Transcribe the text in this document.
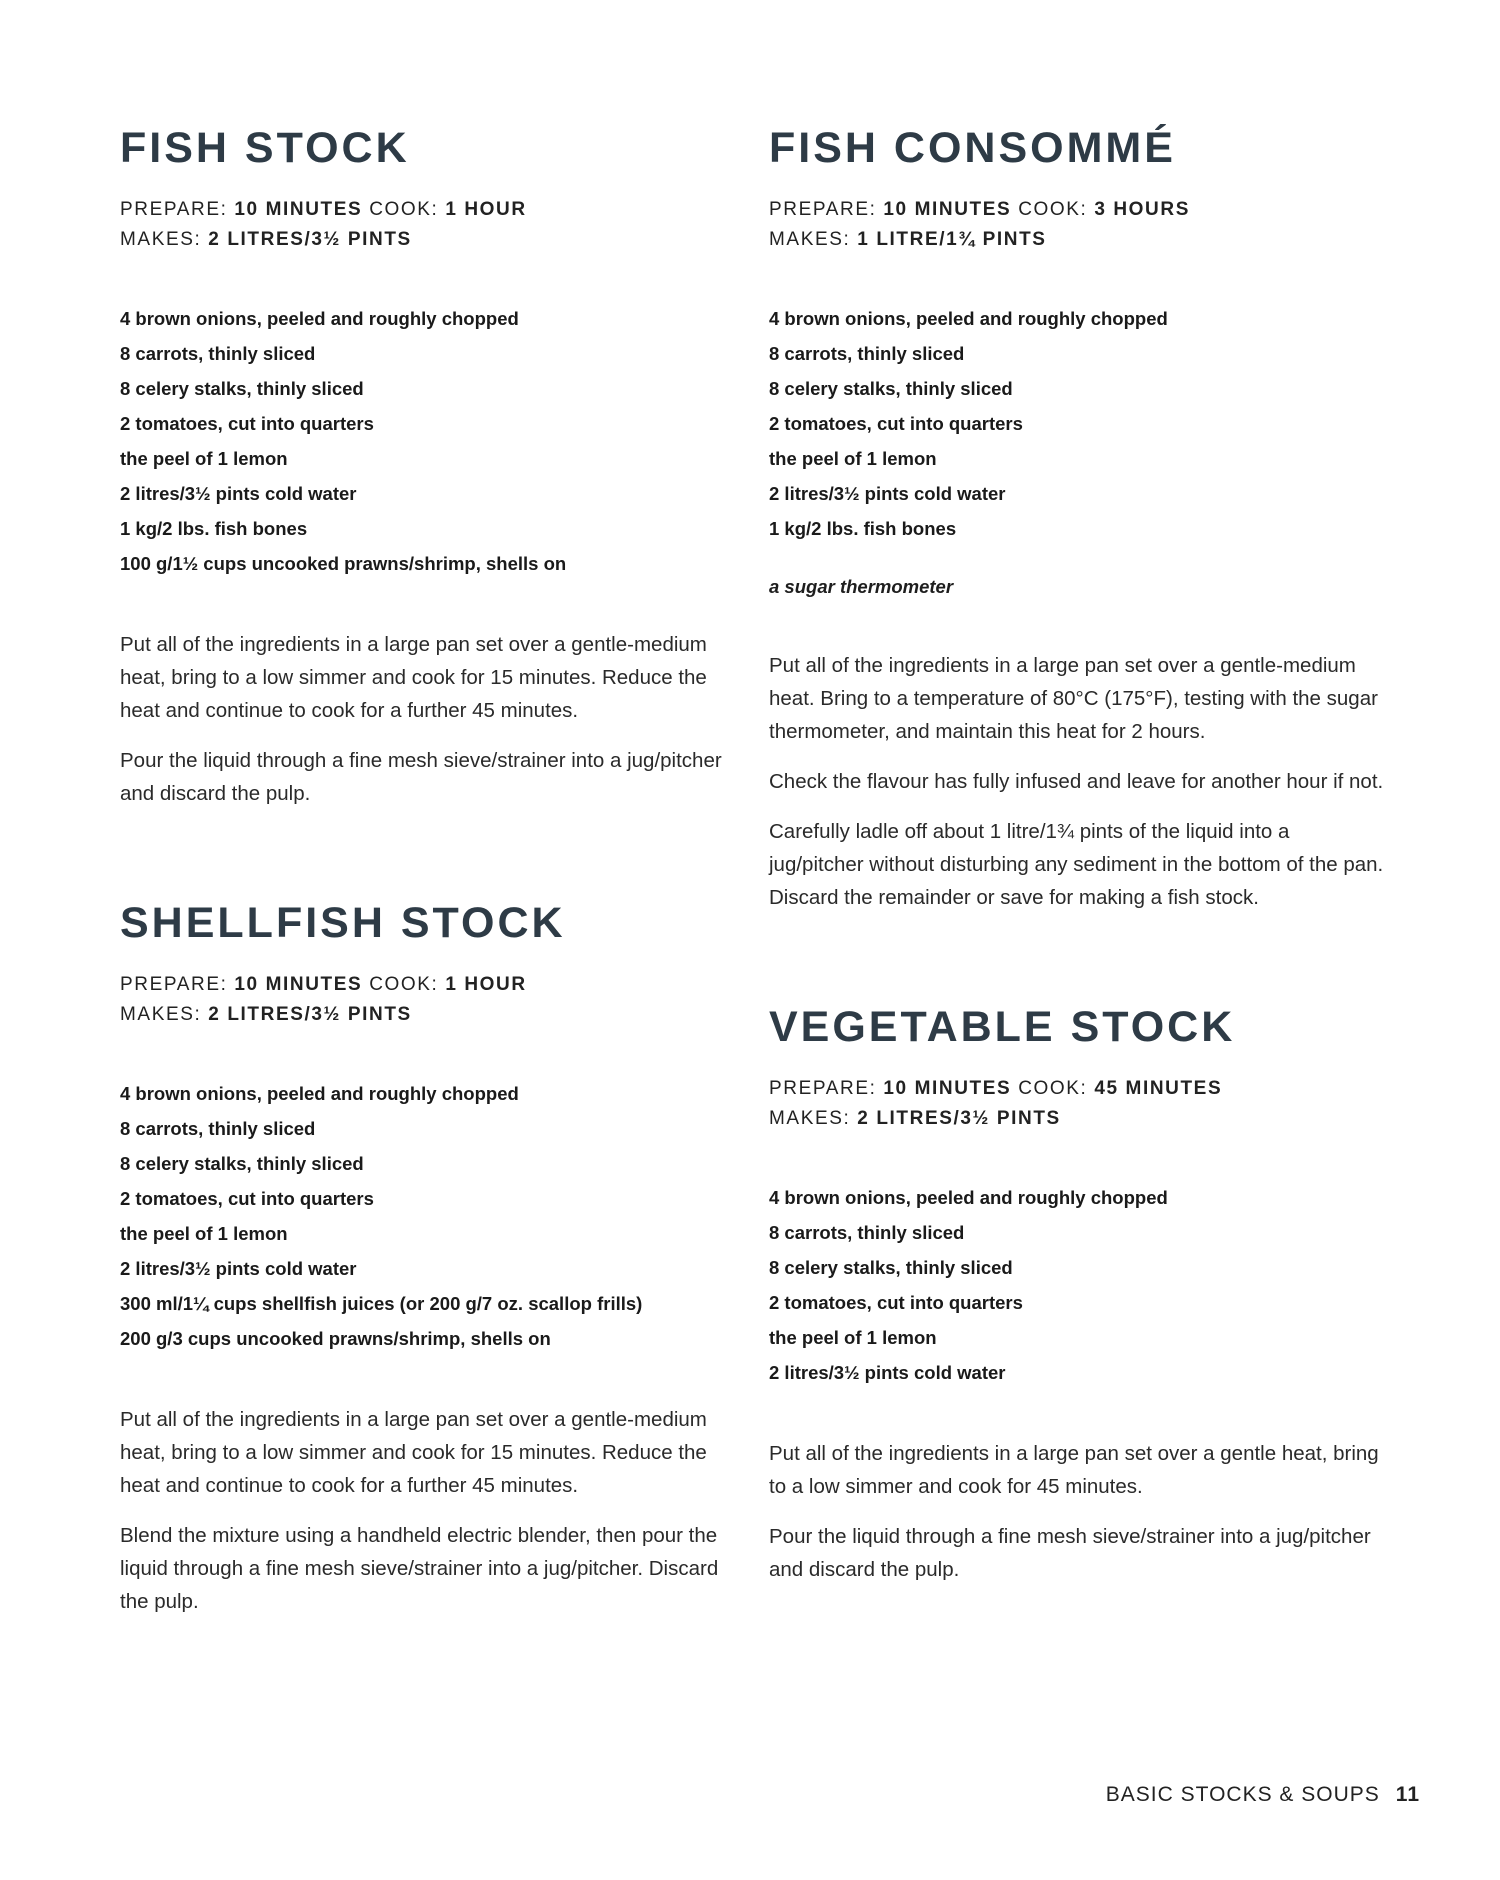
FISH STOCK
PREPARE: 10 MINUTES COOK: 1 HOUR
MAKES: 2 LITRES/3½ PINTS
4 brown onions, peeled and roughly chopped
8 carrots, thinly sliced
8 celery stalks, thinly sliced
2 tomatoes, cut into quarters
the peel of 1 lemon
2 litres/3½ pints cold water
1 kg/2 lbs. fish bones
100 g/1½ cups uncooked prawns/shrimp, shells on

Put all of the ingredients in a large pan set over a gentle-medium heat, bring to a low simmer and cook for 15 minutes. Reduce the heat and continue to cook for a further 45 minutes.

Pour the liquid through a fine mesh sieve/strainer into a jug/pitcher and discard the pulp.

SHELLFISH STOCK
PREPARE: 10 MINUTES COOK: 1 HOUR
MAKES: 2 LITRES/3½ PINTS
4 brown onions, peeled and roughly chopped
8 carrots, thinly sliced
8 celery stalks, thinly sliced
2 tomatoes, cut into quarters
the peel of 1 lemon
2 litres/3½ pints cold water
300 ml/1¼ cups shellfish juices (or 200 g/7 oz. scallop frills)
200 g/3 cups uncooked prawns/shrimp, shells on

Put all of the ingredients in a large pan set over a gentle-medium heat, bring to a low simmer and cook for 15 minutes. Reduce the heat and continue to cook for a further 45 minutes.

Blend the mixture using a handheld electric blender, then pour the liquid through a fine mesh sieve/strainer into a jug/pitcher. Discard the pulp.

FISH CONSOMMÉ
PREPARE: 10 MINUTES COOK: 3 HOURS
MAKES: 1 LITRE/1¾ PINTS
4 brown onions, peeled and roughly chopped
8 carrots, thinly sliced
8 celery stalks, thinly sliced
2 tomatoes, cut into quarters
the peel of 1 lemon
2 litres/3½ pints cold water
1 kg/2 lbs. fish bones
a sugar thermometer

Put all of the ingredients in a large pan set over a gentle-medium heat. Bring to a temperature of 80°C (175°F), testing with the sugar thermometer, and maintain this heat for 2 hours.

Check the flavour has fully infused and leave for another hour if not.

Carefully ladle off about 1 litre/1¾ pints of the liquid into a jug/pitcher without disturbing any sediment in the bottom of the pan. Discard the remainder or save for making a fish stock.

VEGETABLE STOCK
PREPARE: 10 MINUTES COOK: 45 MINUTES
MAKES: 2 LITRES/3½ PINTS
4 brown onions, peeled and roughly chopped
8 carrots, thinly sliced
8 celery stalks, thinly sliced
2 tomatoes, cut into quarters
the peel of 1 lemon
2 litres/3½ pints cold water

Put all of the ingredients in a large pan set over a gentle heat, bring to a low simmer and cook for 45 minutes.

Pour the liquid through a fine mesh sieve/strainer into a jug/pitcher and discard the pulp.

BASIC STOCKS & SOUPS 11
